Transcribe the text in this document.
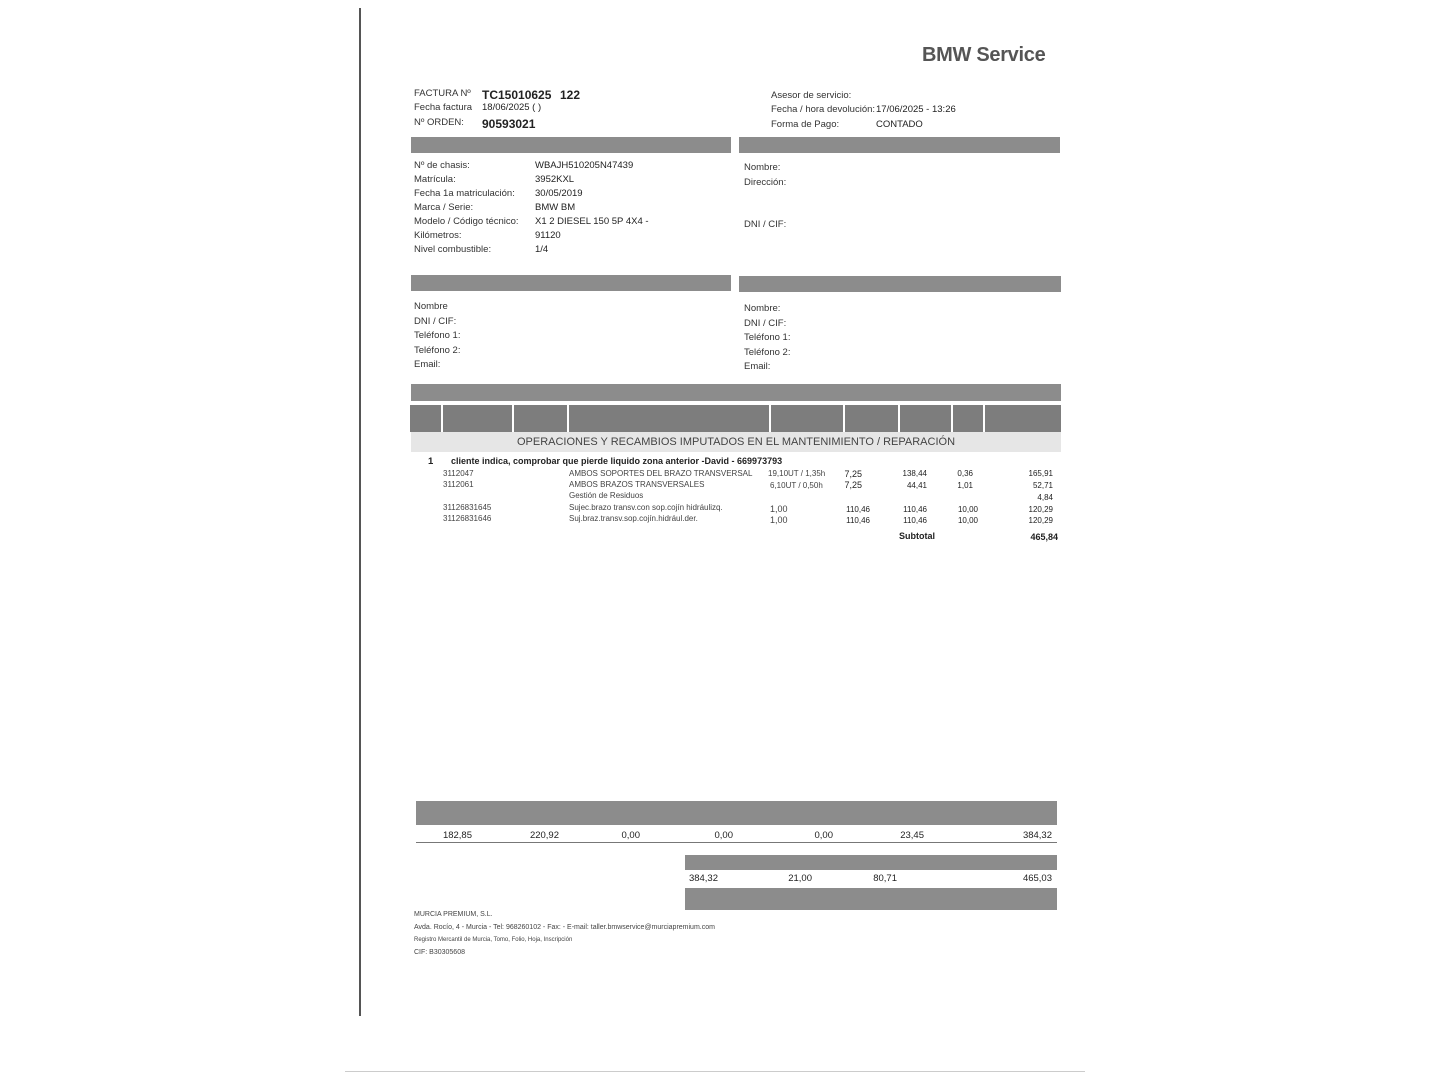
BMW Service
FACTURA Nº TC15010625 122
Fecha factura 18/06/2025 ( )
Nº ORDEN: 90593021
Asesor de servicio:
Fecha / hora devolución: 17/06/2025 - 13:26
Forma de Pago:	CONTADO
Nº de chasis:	WBAJH510205N47439
Matrícula:	3952KXL
Fecha 1a matriculación: 30/05/2019
Marca / Serie:	BMW BM
Modelo / Código técnico: X1 2 DIESEL 150 5P 4X4 -
Kilómetros:	91120
Nivel combustible:	1/4
Nombre:
Dirección:
DNI / CIF:
Nombre
DNI / CIF:
Teléfono 1:
Teléfono 2:
Email:
Nombre:
DNI / CIF:
Teléfono 1:
Teléfono 2:
Email:
OPERACIONES Y RECAMBIOS IMPUTADOS EN EL MANTENIMIENTO / REPARACIÓN
1 cliente indica, comprobar que pierde liquido zona anterior -David - 669973793
3112047	AMBOS SOPORTES DEL BRAZO TRANSVERSAL 19,10UT / 1,35h	7,25	138,44	0,36	165,91
3112061	AMBOS BRAZOS TRANSVERSALES	6,10UT / 0,50h	7,25	44,41	1,01	52,71
Gestión de Residuos	4,84
31126831645	Sujec.brazo transv.con sop.cojín hidráulizq.	1,00	110,46	110,46	10,00	120,29
31126831646	Suj.braz.transv.sop.cojín.hidrául.der.	1,00	110,46	110,46	10,00	120,29
Subtotal	465,84
182,85	220,92	0,00	0,00	0,00	23,45	384,32
384,32	21,00	80,71	465,03
MURCIA PREMIUM, S.L.
Avda. Rocío, 4 - Murcia - Tel: 968260102 - Fax: - E-mail: taller.bmwservice@murciapremium.com
Registro Mercantil de Murcia, Tomo, Folio, Hoja, Inscripción
CIF: B30305608
